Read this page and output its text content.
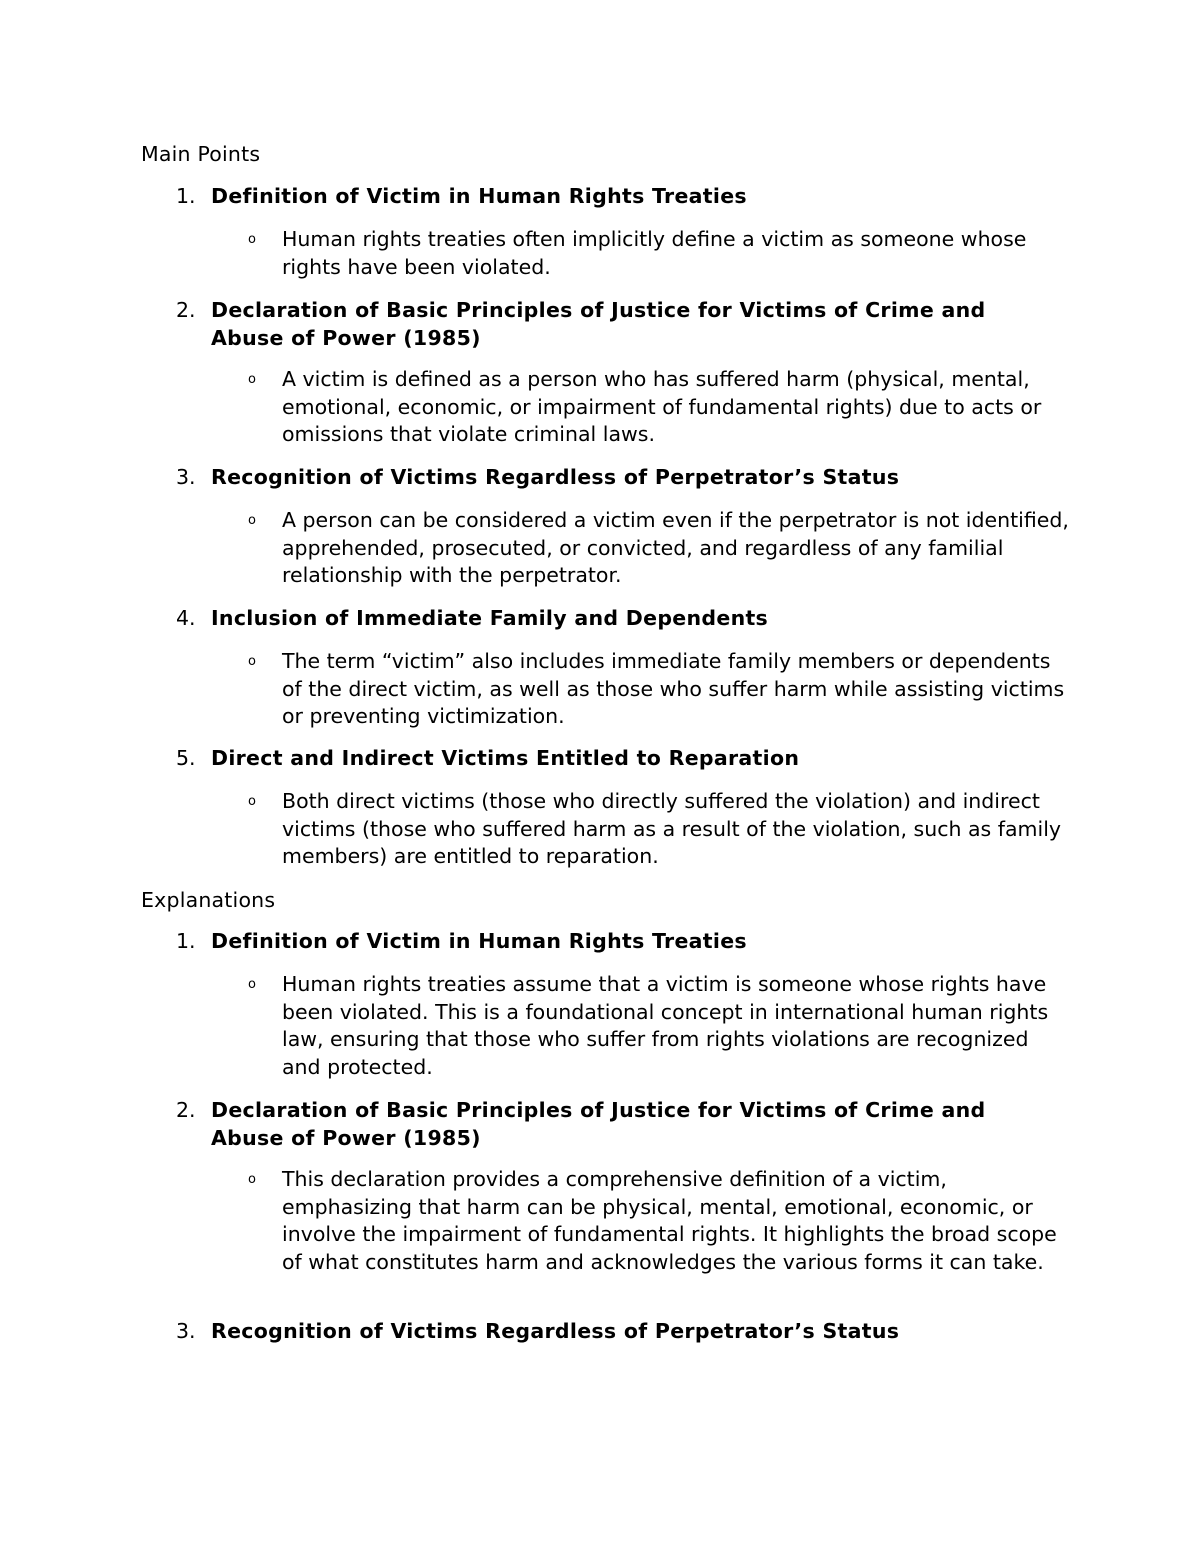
Main Points
1. Definition of Victim in Human Rights Treaties
o Human rights treaties often implicitly define a victim as someone whose rights have been violated.
2. Declaration of Basic Principles of Justice for Victims of Crime and Abuse of Power (1985)
o A victim is defined as a person who has suffered harm (physical, mental, emotional, economic, or impairment of fundamental rights) due to acts or omissions that violate criminal laws.
3. Recognition of Victims Regardless of Perpetrator’s Status
o A person can be considered a victim even if the perpetrator is not identified, apprehended, prosecuted, or convicted, and regardless of any familial relationship with the perpetrator.
4. Inclusion of Immediate Family and Dependents
o The term “victim” also includes immediate family members or dependents of the direct victim, as well as those who suffer harm while assisting victims or preventing victimization.
5. Direct and Indirect Victims Entitled to Reparation
o Both direct victims (those who directly suffered the violation) and indirect victims (those who suffered harm as a result of the violation, such as family members) are entitled to reparation.
Explanations
1. Definition of Victim in Human Rights Treaties
o Human rights treaties assume that a victim is someone whose rights have been violated. This is a foundational concept in international human rights law, ensuring that those who suffer from rights violations are recognized and protected.
2. Declaration of Basic Principles of Justice for Victims of Crime and Abuse of Power (1985)
o This declaration provides a comprehensive definition of a victim, emphasizing that harm can be physical, mental, emotional, economic, or involve the impairment of fundamental rights. It highlights the broad scope of what constitutes harm and acknowledges the various forms it can take.
3. Recognition of Victims Regardless of Perpetrator’s Status
